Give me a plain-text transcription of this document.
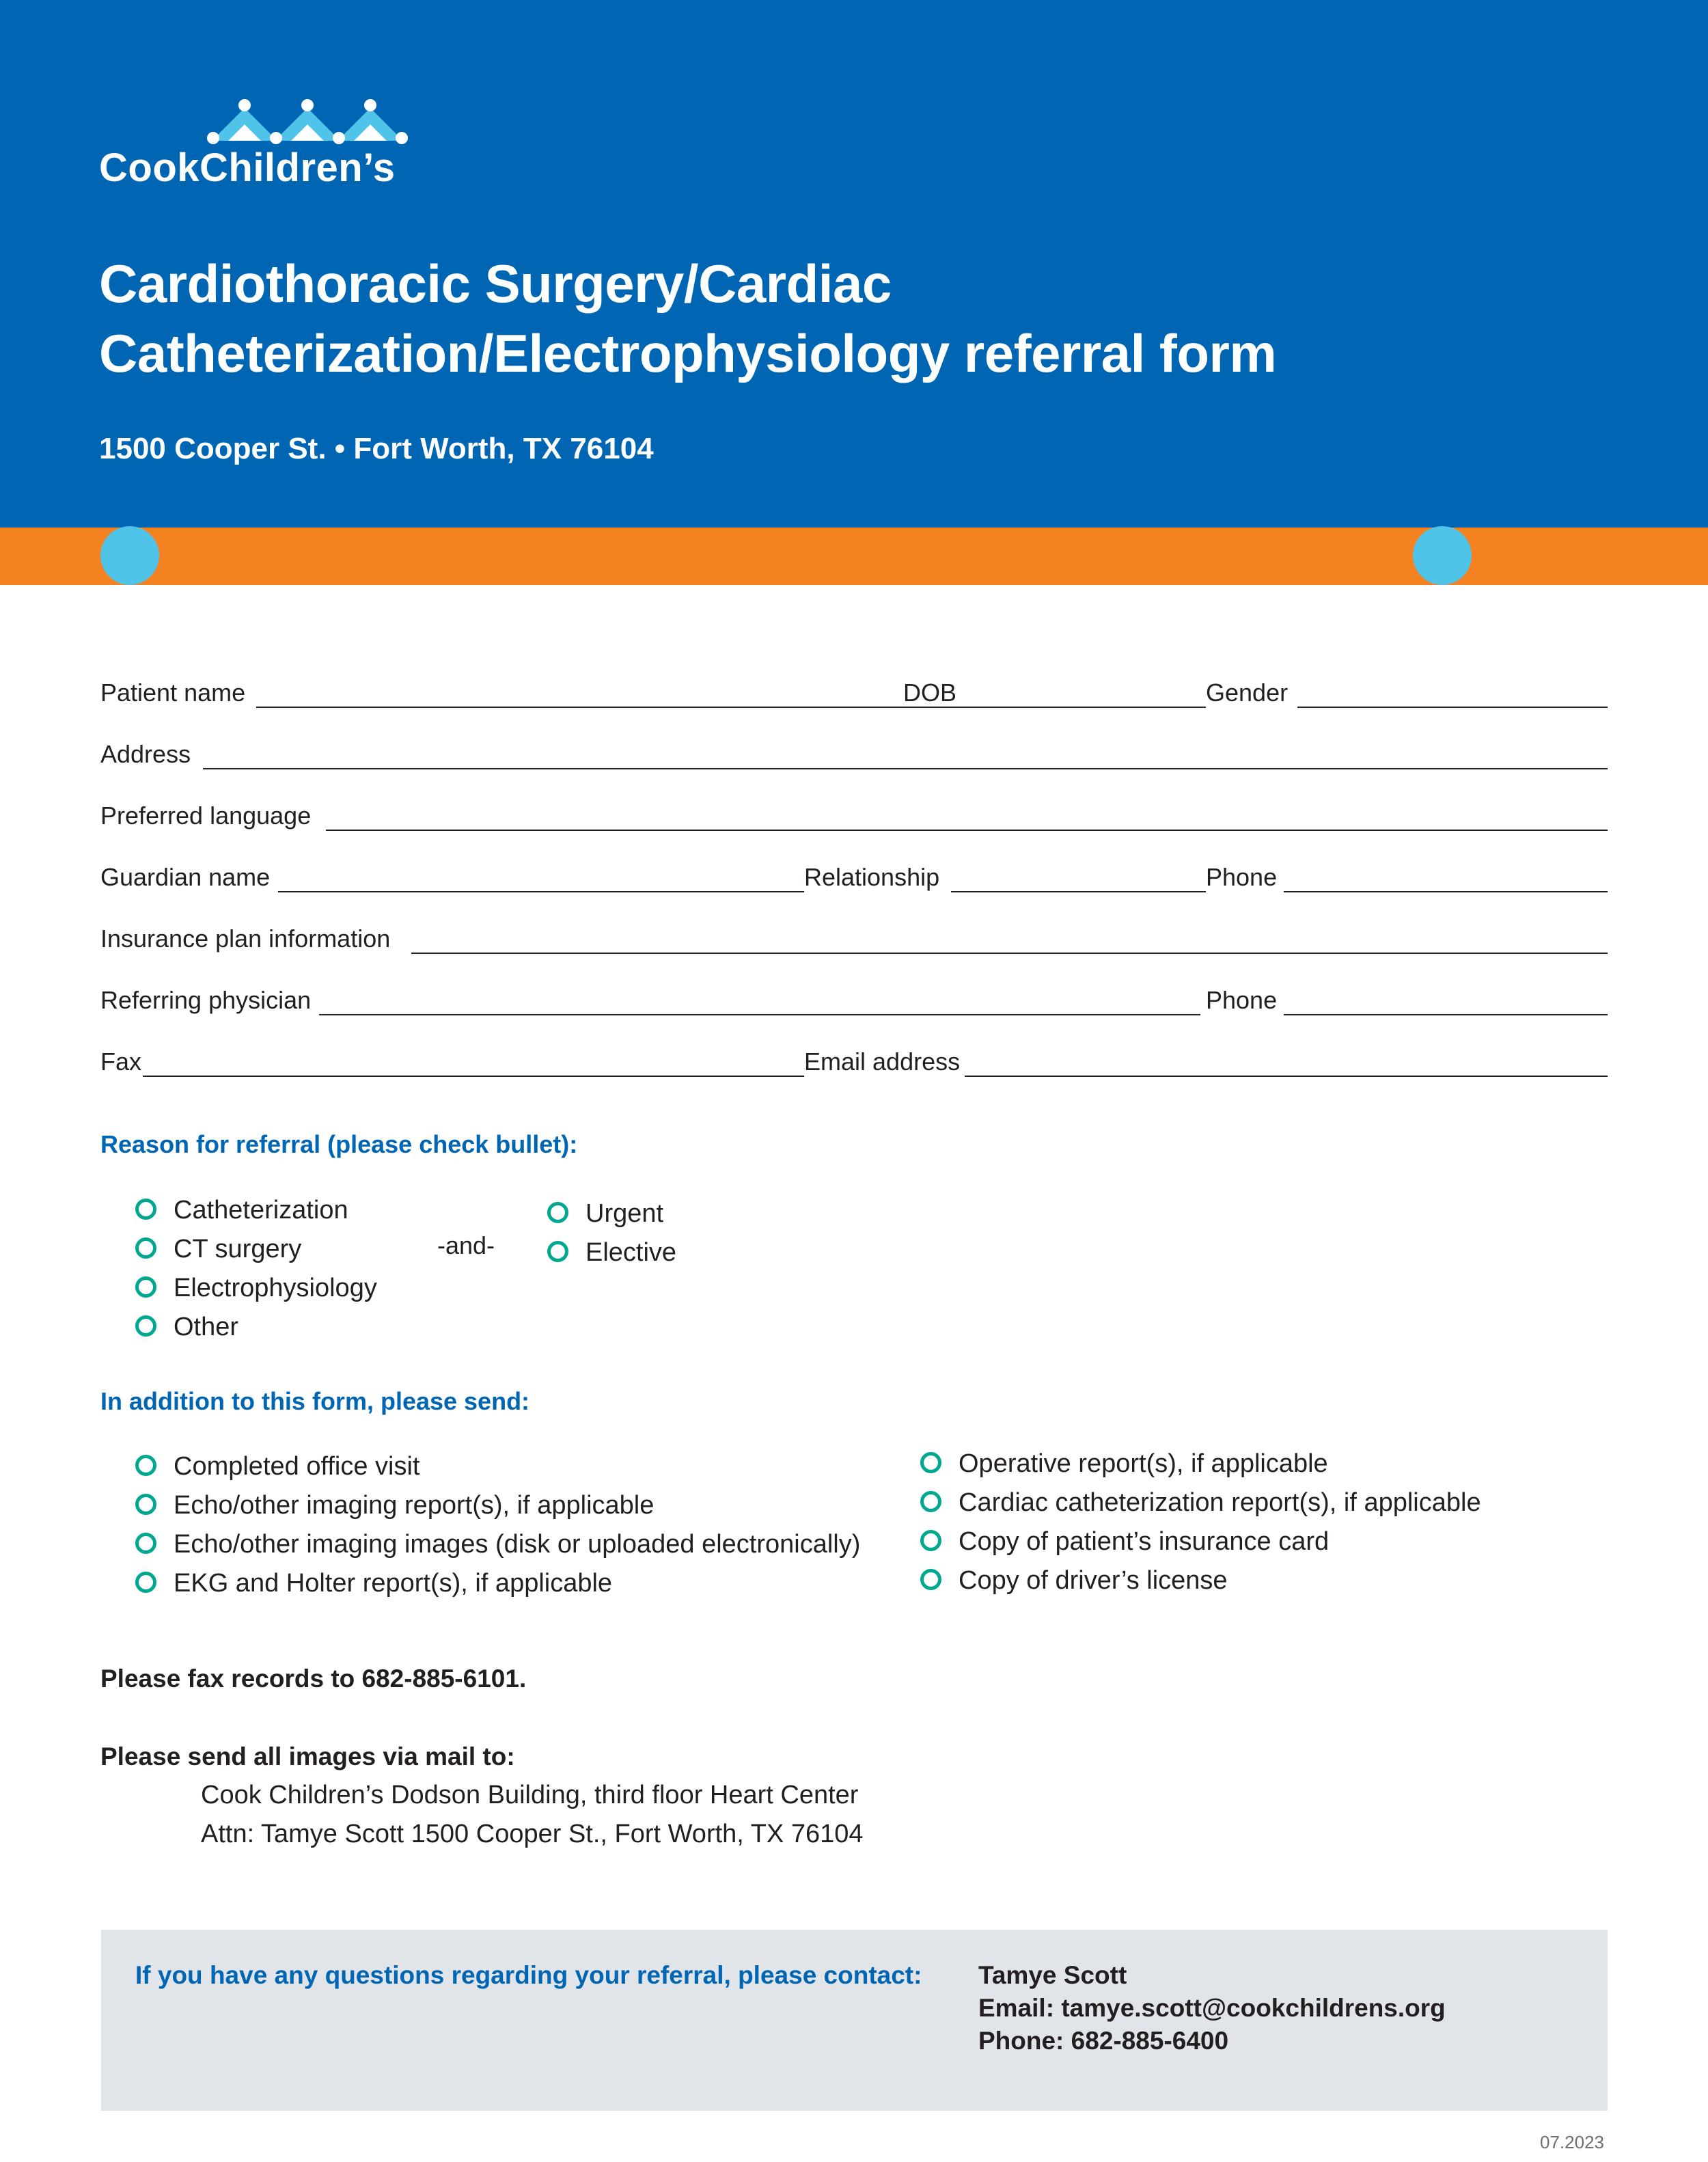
CookChildren’s
Cardiothoracic Surgery/Cardiac
Catheterization/Electrophysiology referral form
1500 Cooper St. • Fort Worth, TX 76104
Patient name	DOB	Gender
Address
Preferred language
Guardian name	Relationship	Phone
Insurance plan information
Referring physician	Phone
Fax	Email address
Reason for referral (please check bullet):
Catheterization
CT surgery
Electrophysiology
Other
-and-
Urgent
Elective
In addition to this form, please send:
Completed office visit
Echo/other imaging report(s), if applicable
Echo/other imaging images (disk or uploaded electronically)
EKG and Holter report(s), if applicable
Operative report(s), if applicable
Cardiac catheterization report(s), if applicable
Copy of patient’s insurance card
Copy of driver’s license
Please fax records to 682-885-6101.
Please send all images via mail to:
Cook Children’s Dodson Building, third floor Heart Center
Attn: Tamye Scott 1500 Cooper St., Fort Worth, TX 76104
If you have any questions regarding your referral, please contact: Tamye Scott
Email: tamye.scott@cookchildrens.org
Phone: 682-885-6400
07.2023
